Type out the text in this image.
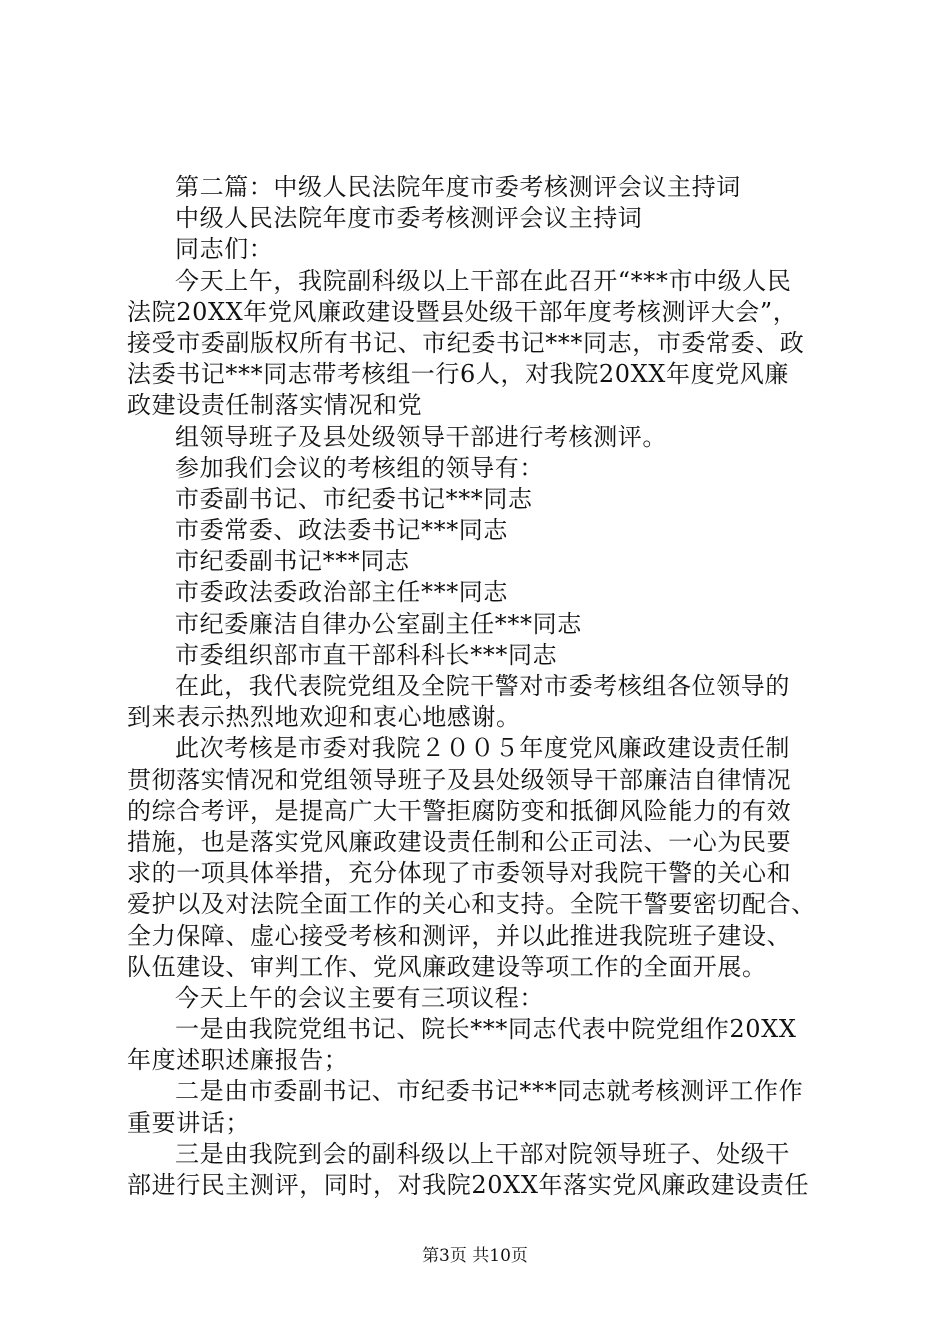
第二篇：中级人民法院年度市委考核测评会议主持词
中级人民法院年度市委考核测评会议主持词
同志们：
今天上午，我院副科级以上干部在此召开“***市中级人民
法院20XX年党风廉政建设暨县处级干部年度考核测评大会”，
接受市委副版权所有书记、市纪委书记***同志，市委常委、政
法委书记***同志带考核组一行6人，对我院20XX年度党风廉
政建设责任制落实情况和党
组领导班子及县处级领导干部进行考核测评。
参加我们会议的考核组的领导有：
市委副书记、市纪委书记***同志
市委常委、政法委书记***同志
市纪委副书记***同志
市委政法委政治部主任***同志
市纪委廉洁自律办公室副主任***同志
市委组织部市直干部科科长***同志
在此，我代表院党组及全院干警对市委考核组各位领导的
到来表示热烈地欢迎和衷心地感谢。
此次考核是市委对我院２００５年度党风廉政建设责任制
贯彻落实情况和党组领导班子及县处级领导干部廉洁自律情况
的综合考评，是提高广大干警拒腐防变和抵御风险能力的有效
措施，也是落实党风廉政建设责任制和公正司法、一心为民要
求的一项具体举措，充分体现了市委领导对我院干警的关心和
爱护以及对法院全面工作的关心和支持。全院干警要密切配合、
全力保障、虚心接受考核和测评，并以此推进我院班子建设、
队伍建设、审判工作、党风廉政建设等项工作的全面开展。
今天上午的会议主要有三项议程：
一是由我院党组书记、院长***同志代表中院党组作20XX
年度述职述廉报告；
二是由市委副书记、市纪委书记***同志就考核测评工作作
重要讲话；
三是由我院到会的副科级以上干部对院领导班子、处级干
部进行民主测评，同时，对我院20XX年落实党风廉政建设责任
第3页 共10页
